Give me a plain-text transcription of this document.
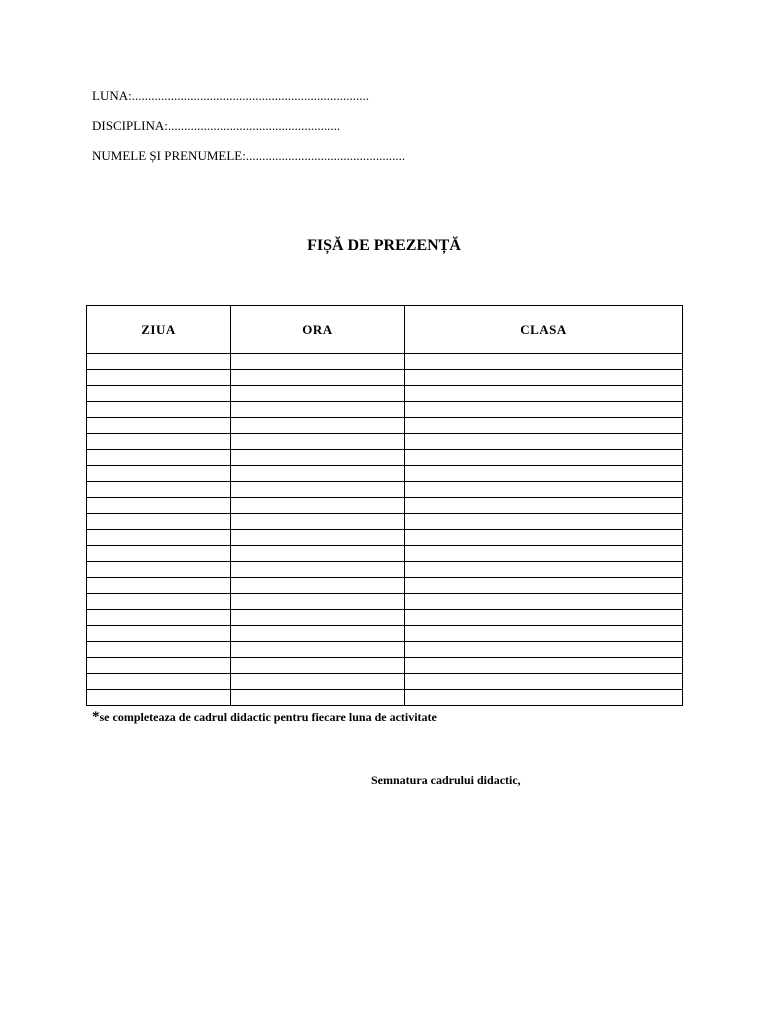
LUNA:.........................................................................
DISCIPLINA:.....................................................
NUMELE ȘI PRENUMELE:.................................................
FIȘĂ DE PREZENȚĂ
ZIUA	ORA	CLASA

*se completeaza de cadrul didactic pentru fiecare luna de activitate
Semnatura cadrului didactic,
